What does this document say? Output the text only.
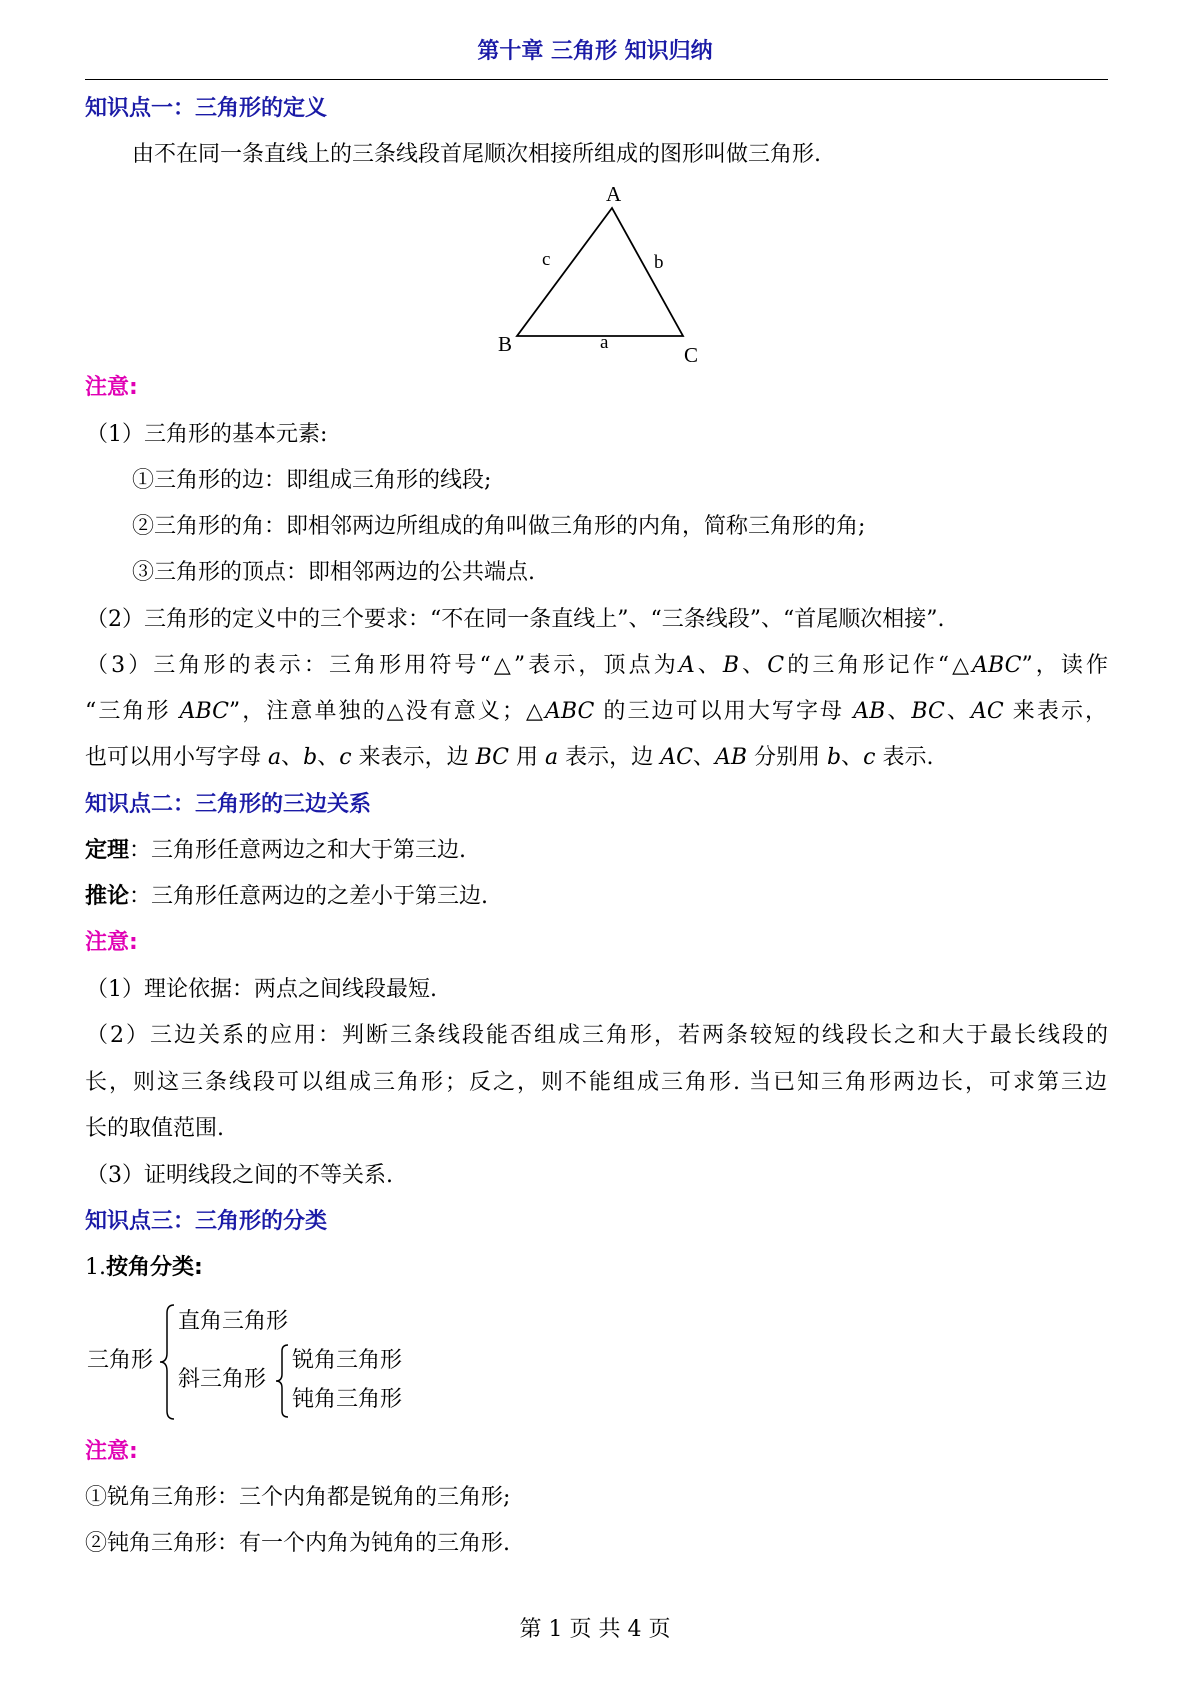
第十章 三角形 知识归纳
知识点一：三角形的定义
由不在同一条直线上的三条线段首尾顺次相接所组成的图形叫做三角形.
A
B	C
a
b
c
注意:
（1）三角形的基本元素:
①三角形的边：即组成三角形的线段;
②三角形的角：即相邻两边所组成的角叫做三角形的内角，简称三角形的角;
③三角形的顶点：即相邻两边的公共端点.
（2）三角形的定义中的三个要求：“不在同一条直线上”、“三条线段”、“首尾顺次相接”.
（3）三角形的表示：三角形用符号“△”表示，顶点为A、B、C的三角形记作“△ABC”，读作
“三角形 ABC”，注意单独的△没有意义；△ABC 的三边可以用大写字母 AB、BC、AC 来表示，
也可以用小写字母 a、b、c 来表示，边 BC 用 a 表示，边 AC、AB 分别用 b、c 表示.
知识点二：三角形的三边关系
定理：三角形任意两边之和大于第三边.
推论：三角形任意两边的之差小于第三边.
注意:
（1）理论依据：两点之间线段最短.
（2）三边关系的应用：判断三条线段能否组成三角形，若两条较短的线段长之和大于最长线段的
长，则这三条线段可以组成三角形；反之，则不能组成三角形. 当已知三角形两边长，可求第三边
长的取值范围.
（3）证明线段之间的不等关系.
知识点三：三角形的分类
1.按角分类:
三角形
直角三角形
斜三角形
锐角三角形
钝角三角形
注意:
①锐角三角形：三个内角都是锐角的三角形;
②钝角三角形：有一个内角为钝角的三角形.
第 1 页 共 4 页
